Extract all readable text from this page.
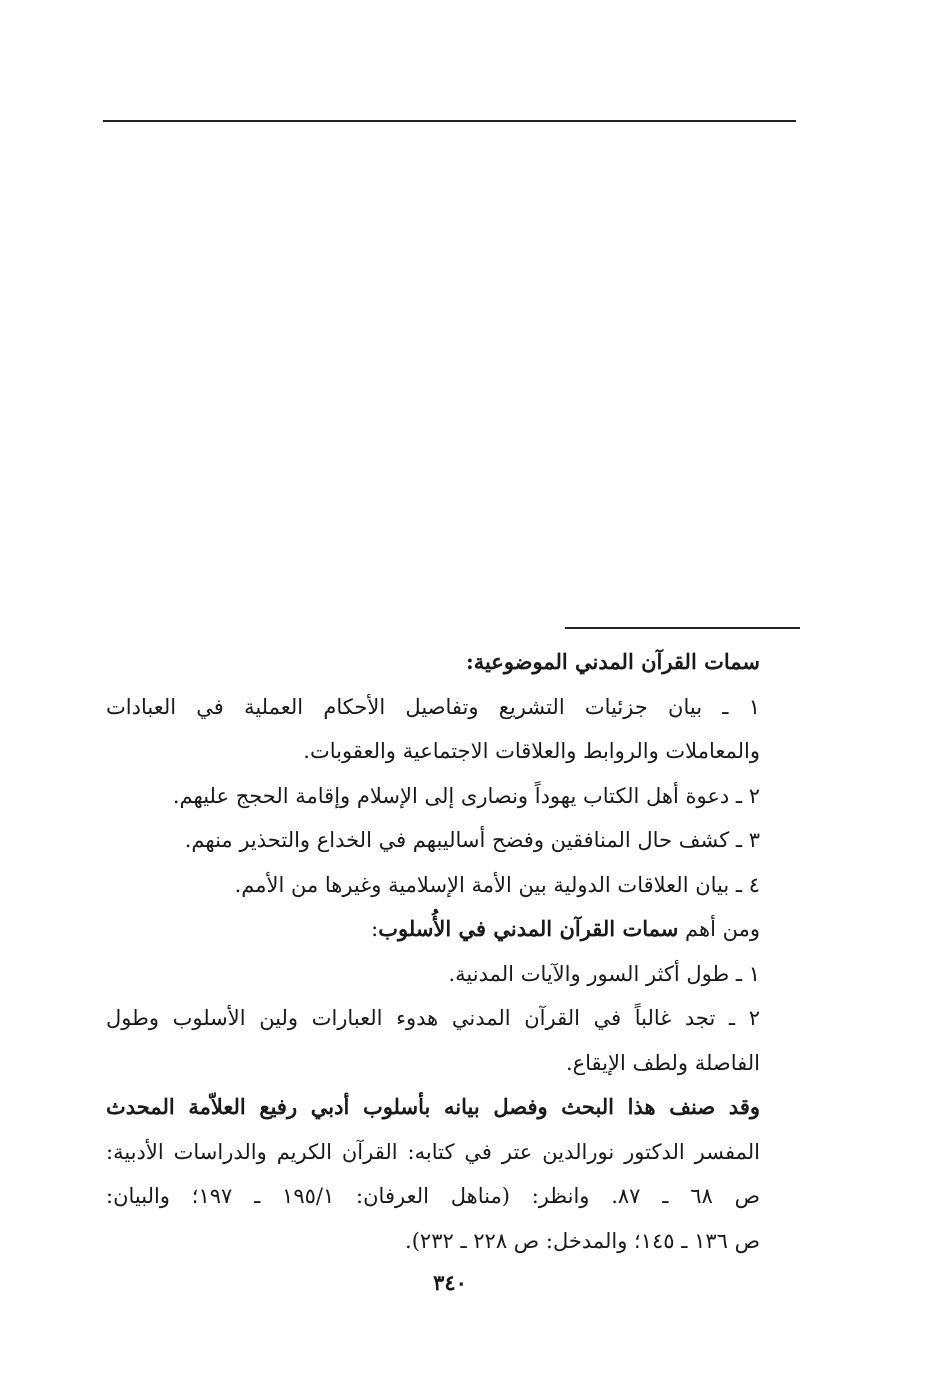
سمات القرآن المدني الموضوعية:
١ ـ بيان جزئيات التشريع وتفاصيل الأحكام العملية في العبادات
والمعاملات والروابط والعلاقات الاجتماعية والعقوبات.
٢ ـ دعوة أهل الكتاب يهوداً ونصارى إلى الإسلام وإقامة الحجج عليهم.
٣ ـ كشف حال المنافقين وفضح أساليبهم في الخداع والتحذير منهم.
٤ ـ بيان العلاقات الدولية بين الأمة الإسلامية وغيرها من الأمم.
ومن أهم سمات القرآن المدني في الأُسلوب:
١ ـ طول أكثر السور والآيات المدنية.
٢ ـ تجد غالباً في القرآن المدني هدوء العبارات ولين الأسلوب وطول
الفاصلة ولطف الإيقاع.
وقد صنف هذا البحث وفصل بيانه بأسلوب أدبي رفيع العلاّمة المحدث
المفسر الدكتور نورالدين عتر في كتابه: القرآن الكريم والدراسات الأدبية:
ص ٦٨ ـ ٨٧. وانظر: (مناهل العرفان: ١٩٥/١ ـ ١٩٧؛ والبيان:
ص ١٣٦ ـ ١٤٥؛ والمدخل: ص ٢٢٨ ـ ٢٣٢).
٣٤٠
